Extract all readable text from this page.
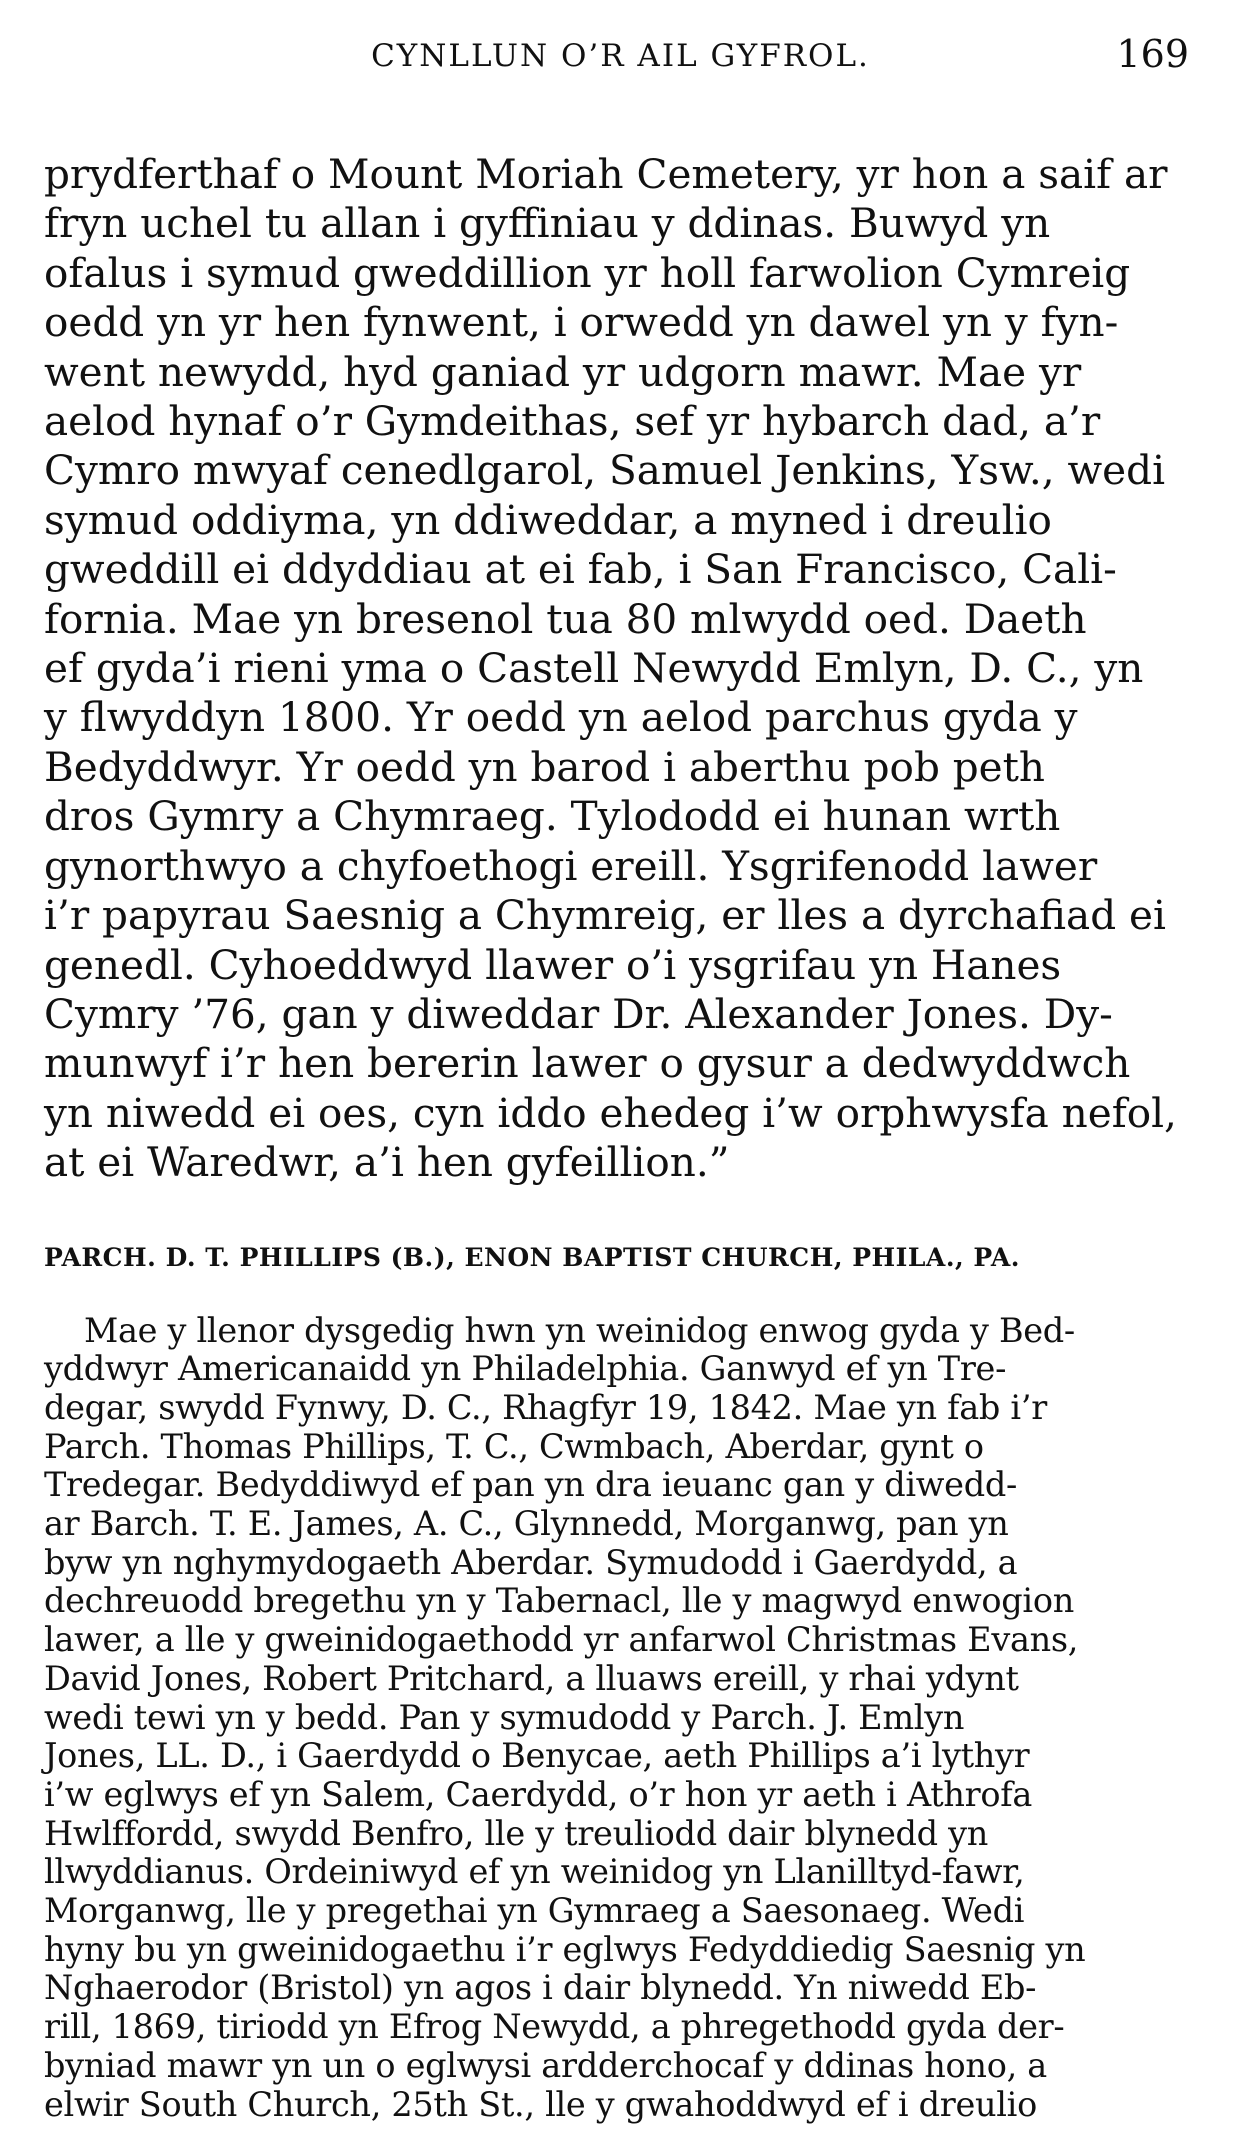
CYNLLUN O’R AIL GYFROL.	169
prydferthaf o Mount Moriah Cemetery, yr hon a saif ar
fryn uchel tu allan i gyffiniau y ddinas. Buwyd yn
ofalus i symud gweddillion yr holl farwolion Cymreig
oedd yn yr hen fynwent, i orwedd yn dawel yn y fyn-
went newydd, hyd ganiad yr udgorn mawr. Mae yr
aelod hynaf o’r Gymdeithas, sef yr hybarch dad, a’r
Cymro mwyaf cenedlgarol, Samuel Jenkins, Ysw., wedi
symud oddiyma, yn ddiweddar, a myned i dreulio
gweddill ei ddyddiau at ei fab, i San Francisco, Cali-
fornia. Mae yn bresenol tua 80 mlwydd oed. Daeth
ef gyda’i rieni yma o Castell Newydd Emlyn, D. C., yn
y flwyddyn 1800. Yr oedd yn aelod parchus gyda y
Bedyddwyr. Yr oedd yn barod i aberthu pob peth
dros Gymry a Chymraeg. Tylododd ei hunan wrth
gynorthwyo a chyfoethogi ereill. Ysgrifenodd lawer
i’r papyrau Saesnig a Chymreig, er lles a dyrchafiad ei
genedl. Cyhoeddwyd llawer o’i ysgrifau yn Hanes
Cymry ’76, gan y diweddar Dr. Alexander Jones. Dy-
munwyf i’r hen bererin lawer o gysur a dedwyddwch
yn niwedd ei oes, cyn iddo ehedeg i’w orphwysfa nefol,
at ei Waredwr, a’i hen gyfeillion.”
PARCH. D. T. PHILLIPS (B.), ENON BAPTIST CHURCH, PHILA., PA.
Mae y llenor dysgedig hwn yn weinidog enwog gyda y Bed-
yddwyr Americanaidd yn Philadelphia. Ganwyd ef yn Tre-
degar, swydd Fynwy, D. C., Rhagfyr 19, 1842. Mae yn fab i’r
Parch. Thomas Phillips, T. C., Cwmbach, Aberdar, gynt o
Tredegar. Bedyddiwyd ef pan yn dra ieuanc gan y diwedd-
ar Barch. T. E. James, A. C., Glynnedd, Morganwg, pan yn
byw yn nghymydogaeth Aberdar. Symudodd i Gaerdydd, a
dechreuodd bregethu yn y Tabernacl, lle y magwyd enwogion
lawer, a lle y gweinidogaethodd yr anfarwol Christmas Evans,
David Jones, Robert Pritchard, a lluaws ereill, y rhai ydynt
wedi tewi yn y bedd. Pan y symudodd y Parch. J. Emlyn
Jones, LL. D., i Gaerdydd o Benycae, aeth Phillips a’i lythyr
i’w eglwys ef yn Salem, Caerdydd, o’r hon yr aeth i Athrofa
Hwlffordd, swydd Benfro, lle y treuliodd dair blynedd yn
llwyddianus. Ordeiniwyd ef yn weinidog yn Llanilltyd-fawr,
Morganwg, lle y pregethai yn Gymraeg a Saesonaeg. Wedi
hyny bu yn gweinidogaethu i’r eglwys Fedyddiedig Saesnig yn
Nghaerodor (Bristol) yn agos i dair blynedd. Yn niwedd Eb-
rill, 1869, tiriodd yn Efrog Newydd, a phregethodd gyda der-
byniad mawr yn un o eglwysi ardderchocaf y ddinas hono, a
elwir South Church, 25th St., lle y gwahoddwyd ef i dreulio
